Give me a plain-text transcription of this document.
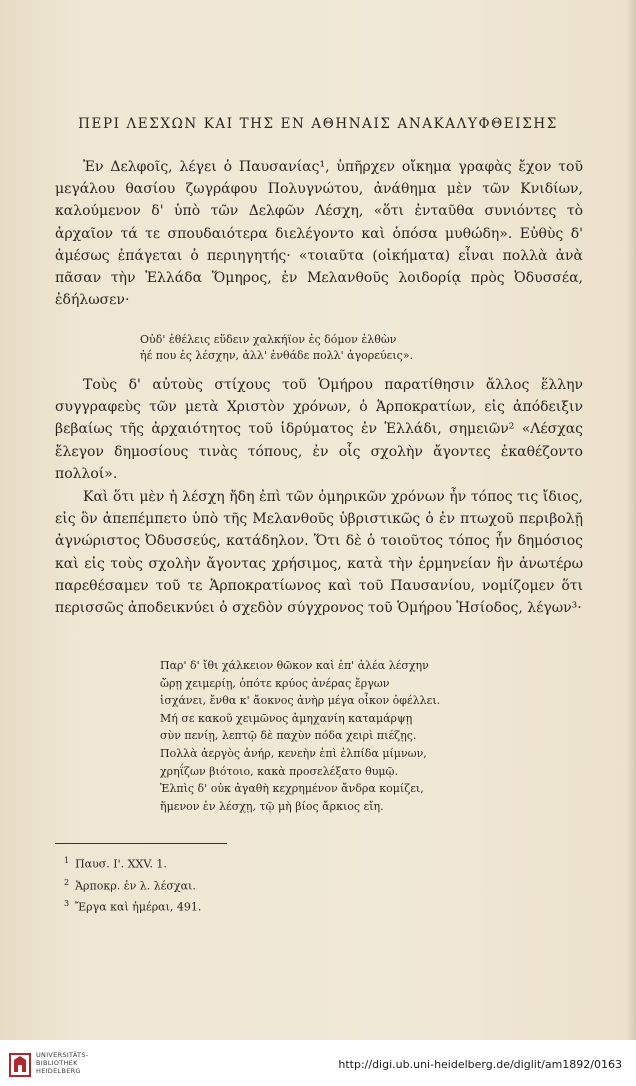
ΠΕΡΙ ΛΕΣΧΩΝ ΚΑΙ ΤΗΣ ΕΝ ΑΘΗΝΑΙΣ ΑΝΑΚΑΛΥΦΘΕΙΣΗΣ

Ἐν Δελφοῖς, λέγει ὁ Παυσανίας¹, ὑπῆρχεν οἴκημα γραφὰς ἔχον τοῦ μεγάλου θασίου ζωγράφου Πολυγνώτου, ἀνάθημα μὲν τῶν Κνιδίων, καλούμενον δ' ὑπὸ τῶν Δελφῶν Λέσχη, «ὅτι ἐνταῦθα συνιόντες τὸ ἀρχαῖον τά τε σπουδαιότερα διελέγοντο καὶ ὁπόσα μυθώδη». Εὐθὺς δ' ἀμέσως ἐπάγεται ὁ περιηγητής· «τοιαῦτα (οἰκήματα) εἶναι πολλὰ ἀνὰ πᾶσαν τὴν Ἑλλάδα Ὅμηρος, ἐν Μελανθοῦς λοιδορίᾳ πρὸς Ὀδυσσέα, ἐδήλωσεν·

Οὐδ' ἐθέλεις εὕδειν χαλκήϊον ἐς δόμον ἐλθὼν
ἠέ που ἐς λέσχην, ἀλλ' ἐνθάδε πολλ' ἀγορεύεις».

Τοὺς δ' αὐτοὺς στίχους τοῦ Ὁμήρου παρατίθησιν ἄλλος ἕλλην συγγραφεὺς τῶν μετὰ Χριστὸν χρόνων, ὁ Ἁρποκρατίων, εἰς ἀπόδειξιν βεβαίως τῆς ἀρχαιότητος τοῦ ἱδρύματος ἐν Ἑλλάδι, σημειῶν² «Λέσχας ἔλεγον δημοσίους τινὰς τόπους, ἐν οἷς σχολὴν ἄγοντες ἐκαθέζοντο πολλοί».

Καὶ ὅτι μὲν ἡ λέσχη ἤδη ἐπὶ τῶν ὁμηρικῶν χρόνων ἦν τόπος τις ἴδιος, εἰς ὃν ἀπεπέμπετο ὑπὸ τῆς Μελανθοῦς ὑβριστικῶς ὁ ἐν πτωχοῦ περιβολῇ ἀγνώριστος Ὀδυσσεύς, κατάδηλον. Ὅτι δὲ ὁ τοιοῦτος τόπος ἦν δημόσιος καὶ εἰς τοὺς σχολὴν ἄγοντας χρήσιμος, κατὰ τὴν ἑρμηνείαν ἣν ἀνωτέρω παρεθέσαμεν τοῦ τε Ἁρποκρατίωνος καὶ τοῦ Παυσανίου, νομίζομεν ὅτι περισσῶς ἀποδεικνύει ὁ σχεδὸν σύγχρονος τοῦ Ὁμήρου Ἡσίοδος, λέγων³·

Παρ' δ' ἴθι χάλκειον θῶκον καὶ ἐπ' ἀλέα λέσχην
ὥρῃ χειμερίῃ, ὁπότε κρύος ἀνέρας ἔργων
ἰσχάνει, ἔνθα κ' ἄοκνος ἀνὴρ μέγα οἶκον ὀφέλλει.
Μή σε κακοῦ χειμῶνος ἀμηχανίη καταμάρψῃ
σὺν πενίῃ, λεπτῷ δὲ παχὺν πόδα χειρὶ πιέζῃς.
Πολλὰ ἀεργὸς ἀνήρ, κενεὴν ἐπὶ ἐλπίδα μίμνων,
χρηΐζων βιότοιο, κακὰ προσελέξατο θυμῷ.
Ἐλπὶς δ' οὐκ ἀγαθὴ κεχρημένον ἄνδρα κομίζει,
ἥμενον ἐν λέσχῃ, τῷ μὴ βίος ἄρκιος εἴη.
$^1$ Παυσ. Ι'. XXV. 1.
$^2$ Ἁρποκρ. ἐν λ. λέσχαι.
$^3$ Ἔργα καὶ ἡμέραι, 491.
UNIVERSITÄTS-
BIBLIOTHEK
HEIDELBERG	http://digi.ub.uni-heidelberg.de/diglit/am1892/0163
